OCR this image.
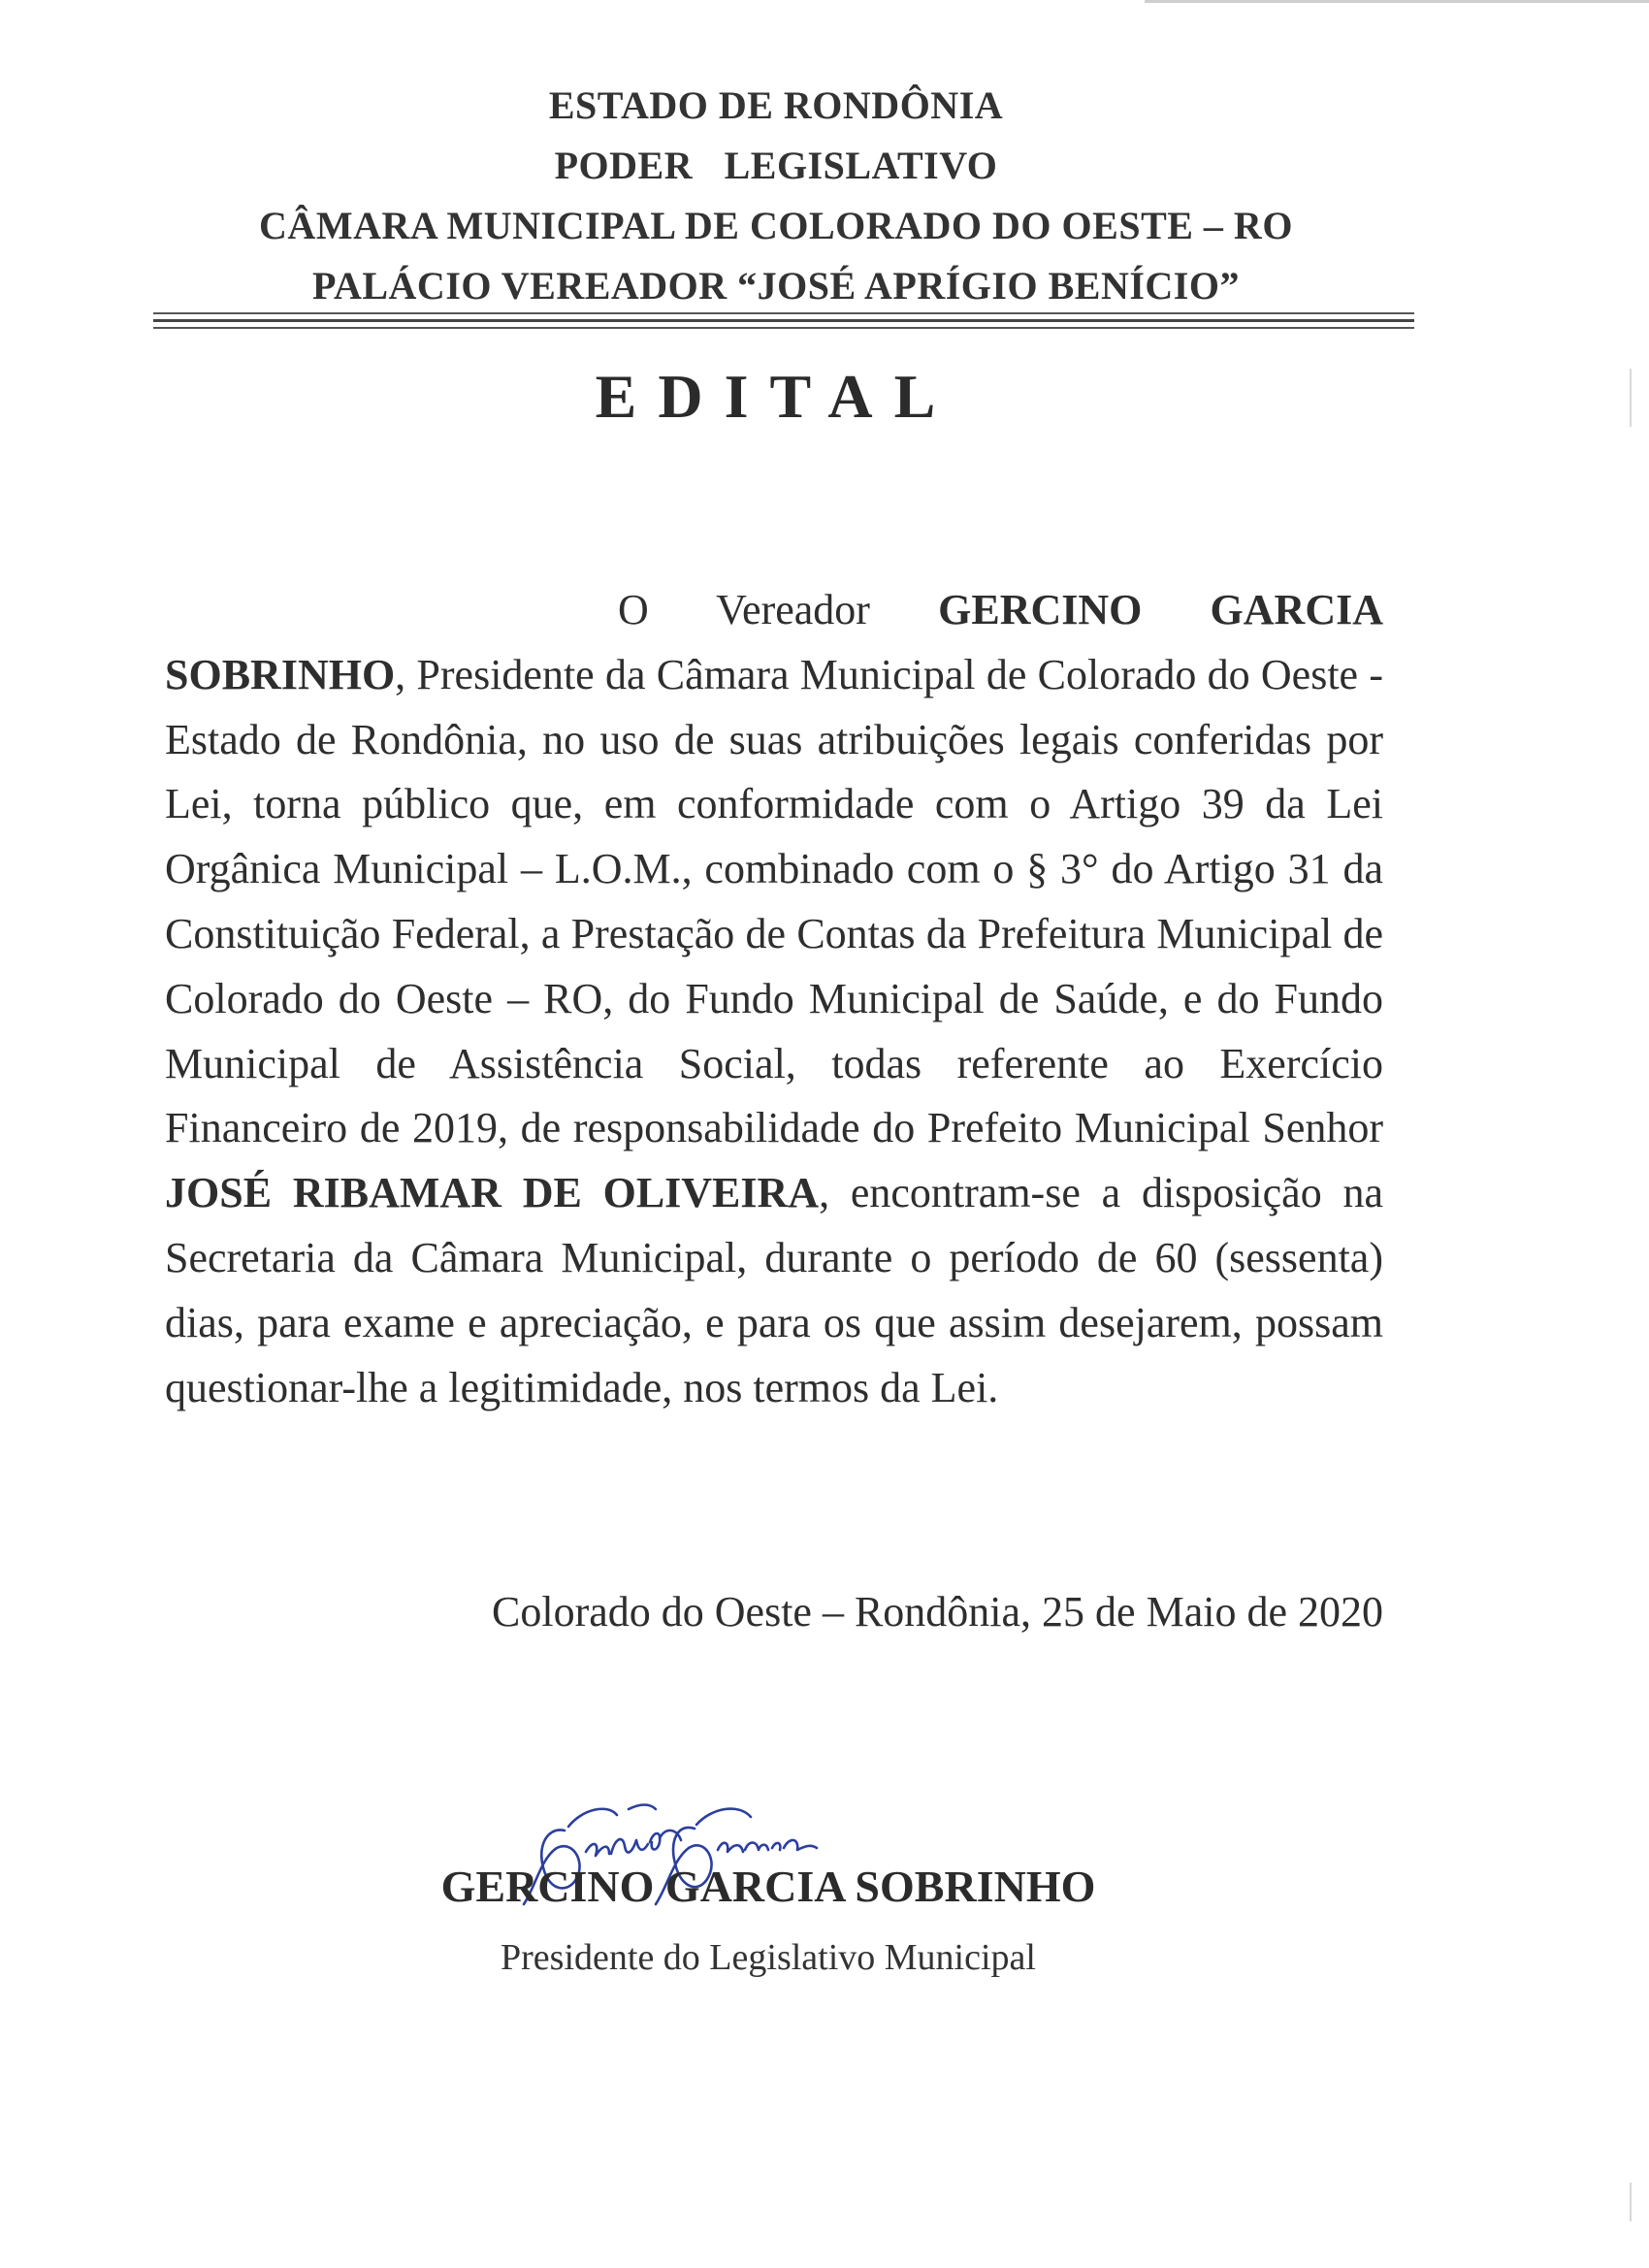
ESTADO DE RONDÔNIA
PODER LEGISLATIVO
CÂMARA MUNICIPAL DE COLORADO DO OESTE – RO
PALÁCIO VEREADOR “JOSÉ APRÍGIO BENÍCIO”
EDITAL
O Vereador GERCINO GARCIA SOBRINHO, Presidente da Câmara Municipal de Colorado do Oeste - Estado de Rondônia, no uso de suas atribuições legais conferidas por Lei, torna público que, em conformidade com o Artigo 39 da Lei Orgânica Municipal – L.O.M., combinado com o § 3° do Artigo 31 da Constituição Federal, a Prestação de Contas da Prefeitura Municipal de Colorado do Oeste – RO, do Fundo Municipal de Saúde, e do Fundo Municipal de Assistência Social, todas referente ao Exercício Financeiro de 2019, de responsabilidade do Prefeito Municipal Senhor JOSÉ RIBAMAR DE OLIVEIRA, encontram-se a disposição na Secretaria da Câmara Municipal, durante o período de 60 (sessenta) dias, para exame e apreciação, e para os que assim desejarem, possam questionar-lhe a legitimidade, nos termos da Lei.
Colorado do Oeste – Rondônia, 25 de Maio de 2020
GERCINO GARCIA SOBRINHO
Presidente do Legislativo Municipal
